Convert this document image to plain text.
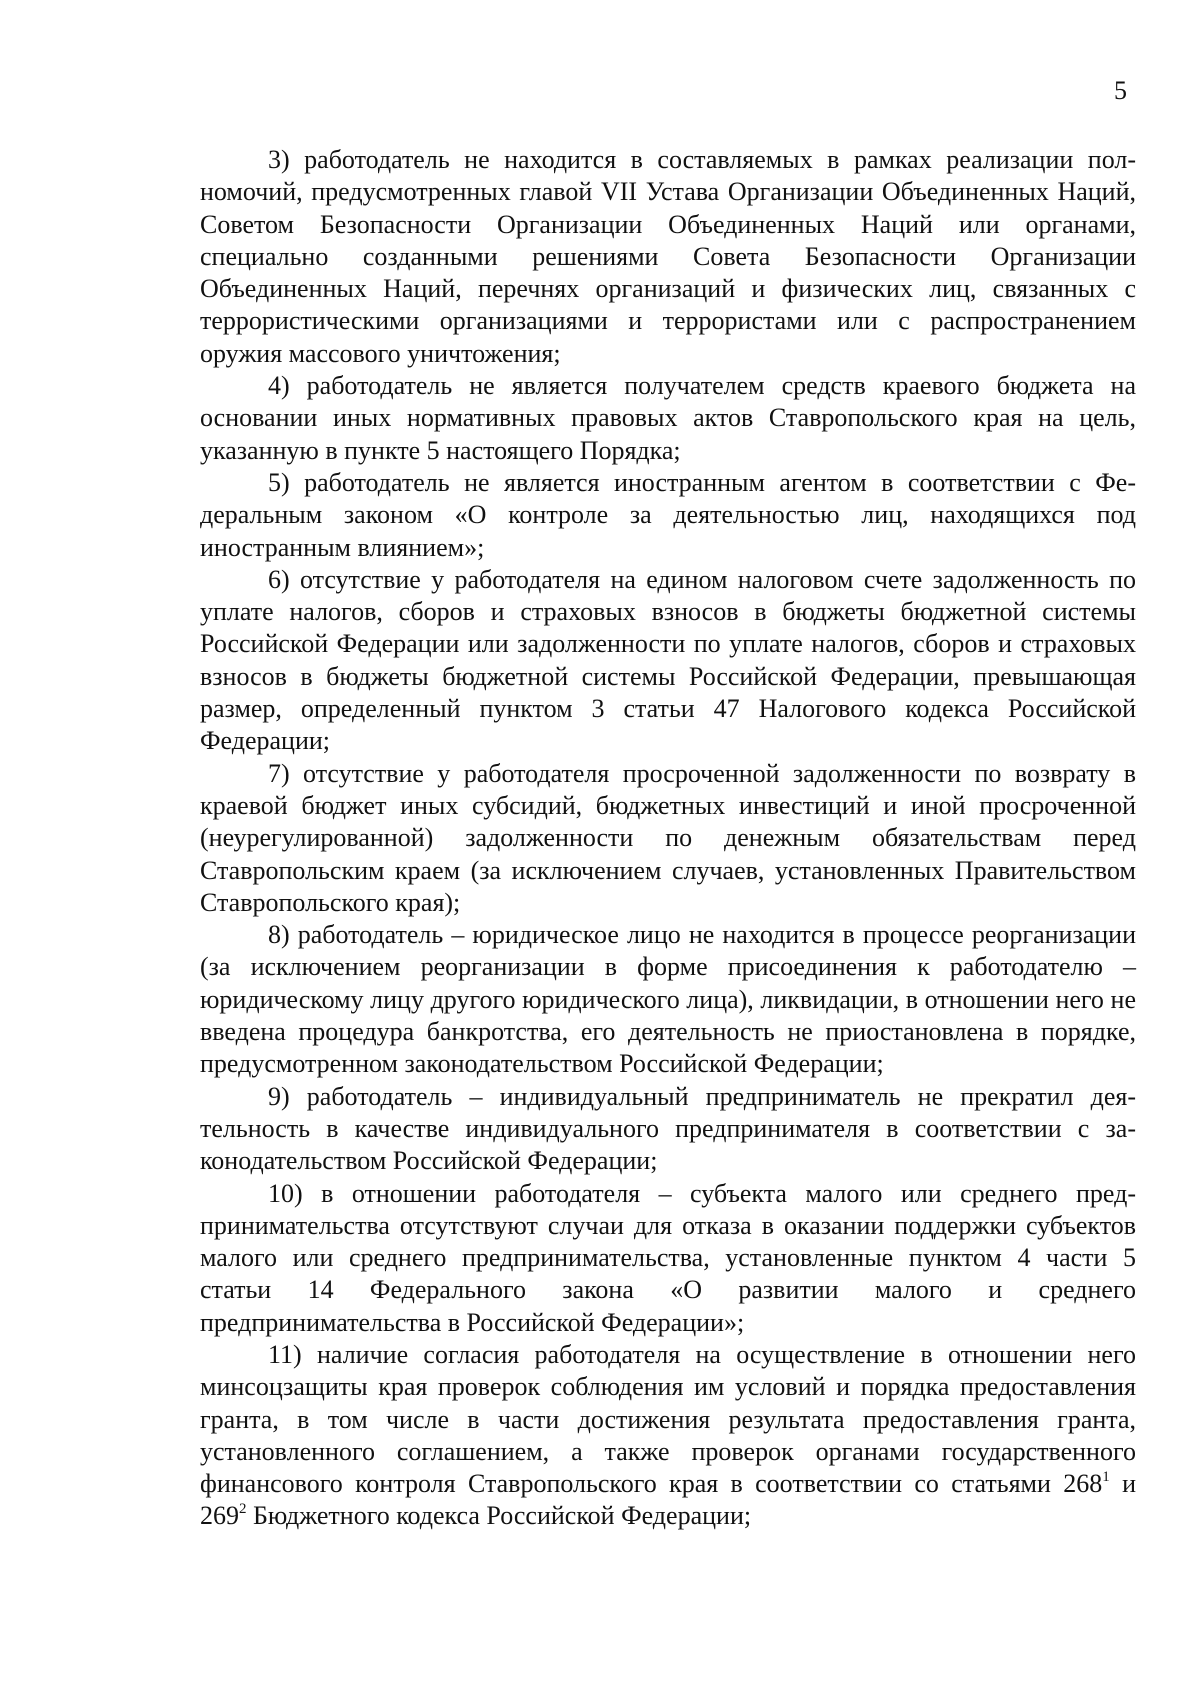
5

3) работодатель не находится в составляемых в рамках реализации полномочий, предусмотренных главой VII Устава Организации Объединенных Наций, Советом Безопасности Организации Объединенных Наций или органами, специально созданными решениями Совета Безопасности Организации Объединенных Наций, перечнях организаций и физических лиц, связанных с террористическими организациями и террористами или с распространением оружия массового уничтожения;

4) работодатель не является получателем средств краевого бюджета на основании иных нормативных правовых актов Ставропольского края на цель, указанную в пункте 5 настоящего Порядка;

5) работодатель не является иностранным агентом в соответствии с Федеральным законом «О контроле за деятельностью лиц, находящихся под иностранным влиянием»;

6) отсутствие у работодателя на едином налоговом счете задолженность по уплате налогов, сборов и страховых взносов в бюджеты бюджетной системы Российской Федерации или задолженности по уплате налогов, сборов и страховых взносов в бюджеты бюджетной системы Российской Федерации, превышающая размер, определенный пунктом 3 статьи 47 Налогового кодекса Российской Федерации;

7) отсутствие у работодателя просроченной задолженности по возврату в краевой бюджет иных субсидий, бюджетных инвестиций и иной просроченной (неурегулированной) задолженности по денежным обязательствам перед Ставропольским краем (за исключением случаев, установленных Правительством Ставропольского края);

8) работодатель – юридическое лицо не находится в процессе реорганизации (за исключением реорганизации в форме присоединения к работодателю – юридическому лицу другого юридического лица), ликвидации, в отношении него не введена процедура банкротства, его деятельность не приостановлена в порядке, предусмотренном законодательством Российской Федерации;

9) работодатель – индивидуальный предприниматель не прекратил деятельность в качестве индивидуального предпринимателя в соответствии с законодательством Российской Федерации;

10) в отношении работодателя – субъекта малого или среднего предпринимательства отсутствуют случаи для отказа в оказании поддержки субъектов малого или среднего предпринимательства, установленные пунктом 4 части 5 статьи 14 Федерального закона «О развитии малого и среднего предпринимательства в Российской Федерации»;

11) наличие согласия работодателя на осуществление в отношении него минсоцзащиты края проверок соблюдения им условий и порядка предоставления гранта, в том числе в части достижения результата предоставления гранта, установленного соглашением, а также проверок органами государственного финансового контроля Ставропольского края в соответствии со статьями $268^1$ и $269^2$ Бюджетного кодекса Российской Федерации;
